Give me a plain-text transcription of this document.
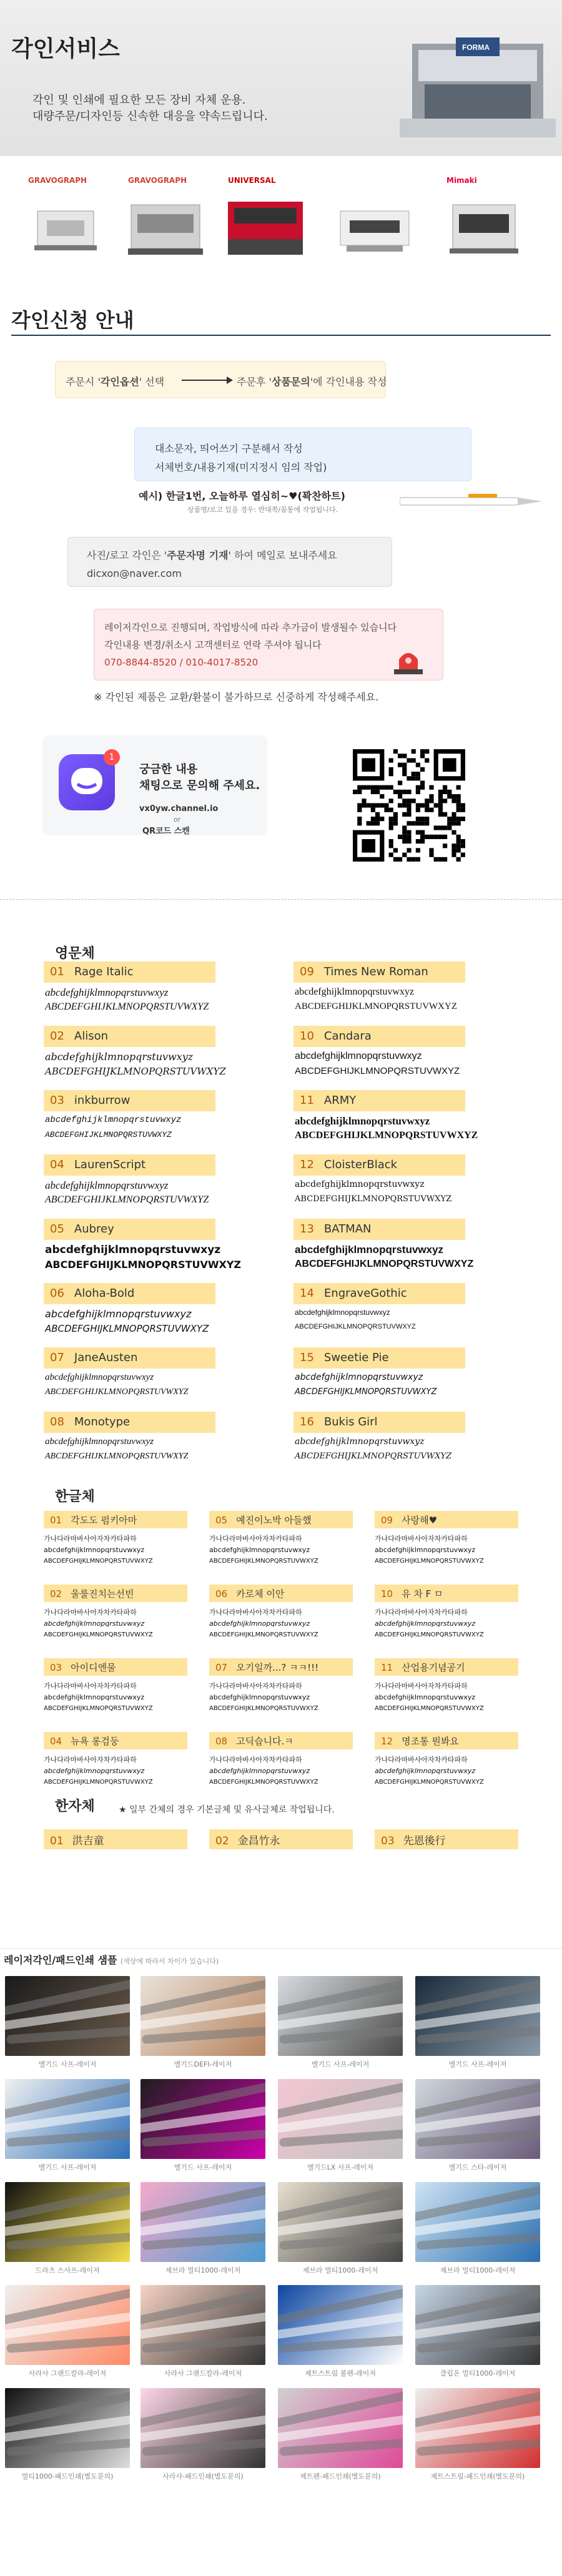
각인서비스
각인 및 인쇄에 필요한 모든 장비 자체 운용.
대량주문/디자인등 신속한 대응을 약속드립니다.
FORMA
GRAVOGRAPH	GRAVOGRAPH	UNIVERSAL	Mimaki
각인신청 안내
주문시 '각인옵션' 선택	주문후 '상품문의'에 각인내용 작성
대소문자, 띄어쓰기 구분해서 작성
서체번호/내용기재(미지정시 임의 작업)
예시) 한글1번, 오늘하루 열심히~♥(꽉찬하트)
상품명/로고 있을 경우: 반대쪽/꼼통에 작업됩니다.
사진/로고 각인은 '주문자명 기재' 하여 메일로 보내주세요
dicxon@naver.com
레이저각인으로 진행되며, 작업방식에 따라 추가금이 발생될수 있습니다
각인내용 변경/취소시 고객센터로 연락 주셔야 됩니다
070-8844-8520 / 010-4017-8520
※ 각인된 제품은 교환/환불이 불가하므로 신중하게 작성해주세요.
1
궁금한 내용
채팅으로 문의해 주세요.
vx0yw.channel.io
or
QR코드 스캔
영문체
01 Rage Italic
abcdefghijklmnopqrstuvwxyz
ABCDEFGHIJKLMNOPQRSTUVWXYZ
02 Alison
abcdefghijklmnopqrstuvwxyz
ABCDEFGHIJKLMNOPQRSTUVWXYZ
03 inkburrow
abcdefghijklmnopqrstuvwxyz
ABCDEFGHIJKLMNOPQRSTUVWXYZ
04 LaurenScript
abcdefghijklmnopqrstuvwxyz
ABCDEFGHIJKLMNOPQRSTUVWXYZ
05 Aubrey
abcdefghijklmnopqrstuvwxyz
ABCDEFGHIJKLMNOPQRSTUVWXYZ
06 Aloha-Bold
abcdefghijklmnopqrstuvwxyz
ABCDEFGHIJKLMNOPQRSTUVWXYZ
07 JaneAusten
abcdefghijklmnopqrstuvwxyz
ABCDEFGHIJKLMNOPQRSTUVWXYZ
08 Monotype
abcdefghijklmnopqrstuvwxyz
ABCDEFGHIJKLMNOPQRSTUVWXYZ
09 Times New Roman
abcdefghijklmnopqrstuvwxyz
ABCDEFGHIJKLMNOPQRSTUVWXYZ
10 Candara
abcdefghijklmnopqrstuvwxyz
ABCDEFGHIJKLMNOPQRSTUVWXYZ
11 ARMY
abcdefghijklmnopqrstuvwxyz
ABCDEFGHIJKLMNOPQRSTUVWXYZ
12 CloisterBlack
abcdefghijklmnopqrstuvwxyz
ABCDEFGHIJKLMNOPQRSTUVWXYZ
13 BATMAN
abcdefghijklmnopqrstuvwxyz
ABCDEFGHIJKLMNOPQRSTUVWXYZ
14 EngraveGothic
abcdefghijklmnopqrstuvwxyz
ABCDEFGHIJKLMNOPQRSTUVWXYZ
15 Sweetie Pie
abcdefghijklmnopqrstuvwxyz
ABCDEFGHIJKLMNOPQRSTUVWXYZ
16 Bukis Girl
abcdefghijklmnopqrstuvwxyz
ABCDEFGHIJKLMNOPQRSTUVWXYZ
한글체
01 각도도 펌키아마
가나다라마바사아자차카타파하
abcdefghijklmnopqrstuvwxyz
ABCDEFGHIJKLMNOPQRSTUVWXYZ
02 울룰진치는선빈
가나다라마바사아자차카타파하
abcdefghijklmnopqrstuvwxyz
ABCDEFGHIJKLMNOPQRSTUVWXYZ
03 아이디엔물
가나다라마바사아자차카타파하
abcdefghijklmnopqrstuvwxyz
ABCDEFGHIJKLMNOPQRSTUVWXYZ
04 뉴욕 롱검둥
가나다라마바사아자차카타파하
abcdefghijklmnopqrstuvwxyz
ABCDEFGHIJKLMNOPQRSTUVWXYZ
05 예진이노박 아들했
가나다라마바사아자차카타파하
abcdefghijklmnopqrstuvwxyz
ABCDEFGHIJKLMNOPQRSTUVWXYZ
06 카로체 이안
가나다라마바사아자차카타파하
abcdefghijklmnopqrstuvwxyz
ABCDEFGHIJKLMNOPQRSTUVWXYZ
07 오기일까...? ㅋㅋ!!!
가나다라마바사아자차카타파하
abcdefghijklmnopqrstuvwxyz
ABCDEFGHIJKLMNOPQRSTUVWXYZ
08 고딕습니다.ㅋ
가나다라마바사아자차카타파하
abcdefghijklmnopqrstuvwxyz
ABCDEFGHIJKLMNOPQRSTUVWXYZ
09 사랑해♥
가나다라마바사아자차카타파하
abcdefghijklmnopqrstuvwxyz
ABCDEFGHIJKLMNOPQRSTUVWXYZ
10 유 차 F ㅁ
가나다라마바사아자차카타파하
abcdefghijklmnopqrstuvwxyz
ABCDEFGHIJKLMNOPQRSTUVWXYZ
11 산업용기념공기
가나다라마바사아자차카타파하
abcdefghijklmnopqrstuvwxyz
ABCDEFGHIJKLMNOPQRSTUVWXYZ
12 명조통 뭔봐요
가나다라마바사아자차카타파하
abcdefghijklmnopqrstuvwxyz
ABCDEFGHIJKLMNOPQRSTUVWXYZ
한자체	★ 일부 간체의 경우 기본글체 및 유사글체로 작업됩니다.
01 洪吉童	02 金昌竹永	03 先恩後行
레이저각인/패드인쇄 샘플 (색상에 따라서 차이가 있습니다)
멜기드 사프-레이저	멜기드DEFI-레이저	멜기드 사프-레이저	멜기드 사프-레이저
멜기드 사프-레이저	멜기드 사프-레이저	멜기드LX 사프-레이저	멜기드 스타-레이저
드라츠 스사프-레이저	제브라 멀티1000-레이저	제브라 멀티1000-레이저	제브라 멀티1000-레이저
사라사 그랜드칼라-레이저	사라사 그랜드칼라-레이저	제트스트림 볼펜-레이저	클립온 멀티1000-레이저
멀티1000-패드인쇄(별도문의)	사라사-패드인쇄(별도문의)	제트펜-패드인쇄(별도문의)	제트스트림-패드인쇄(별도문의)
